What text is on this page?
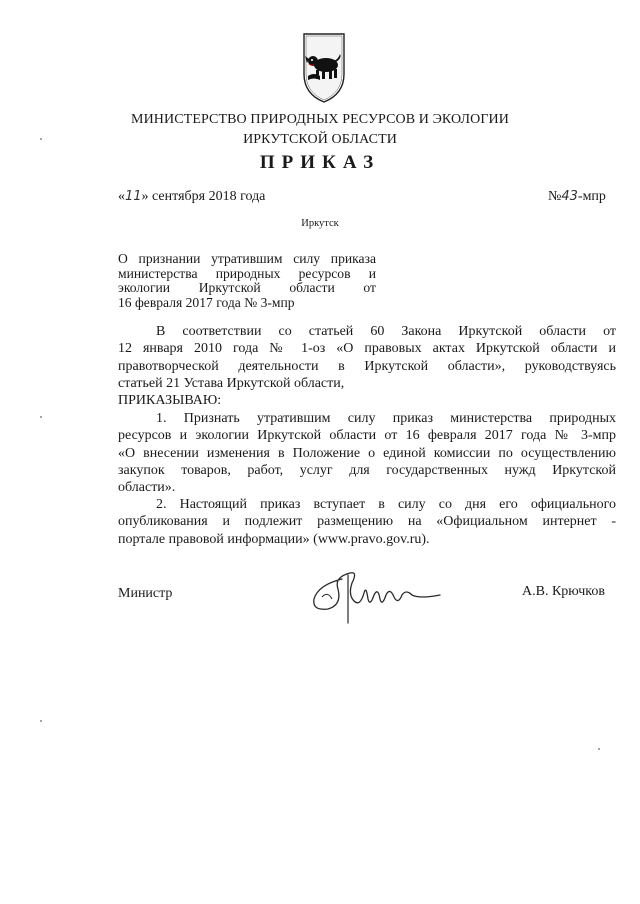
МИНИСТЕРСТВО ПРИРОДНЫХ РЕСУРСОВ И ЭКОЛОГИИ
ИРКУТСКОЙ ОБЛАСТИ
ПРИКАЗ
«11» сентября 2018 года	№43-мпр
Иркутск
О признании утратившим силу приказа
министерства природных ресурсов и
экологии Иркутской области от
16 февраля 2017 года № 3-мпр
В соответствии со статьей 60 Закона Иркутской области от
12 января 2010 года № 1-оз «О правовых актах Иркутской области и
правотворческой деятельности в Иркутской области», руководствуясь
статьей 21 Устава Иркутской области,
ПРИКАЗЫВАЮ:
1. Признать утратившим силу приказ министерства природных
ресурсов и экологии Иркутской области от 16 февраля 2017 года № 3-мпр
«О внесении изменения в Положение о единой комиссии по осуществлению
закупок товаров, работ, услуг для государственных нужд Иркутской
области».
2. Настоящий приказ вступает в силу со дня его официального
опубликования и подлежит размещению на «Официальном интернет -
портале правовой информации» (www.pravo.gov.ru).
Министр	А.В. Крючков
